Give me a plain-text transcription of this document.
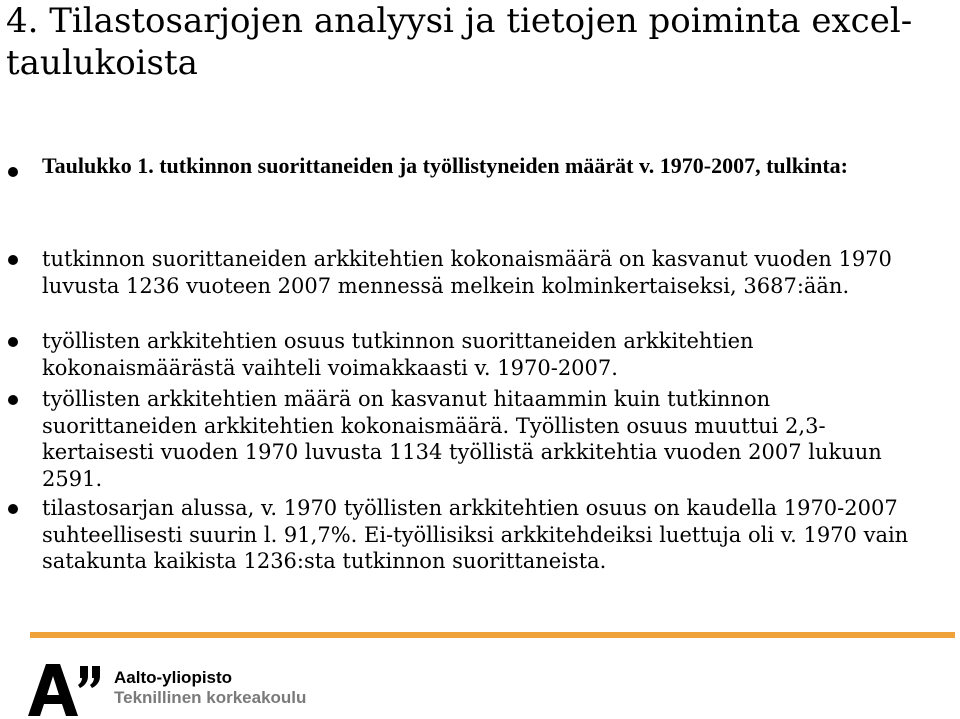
4. Tilastosarjojen analyysi ja tietojen poiminta excel-taulukoista

Taulukko 1. tutkinnon suorittaneiden ja työllistyneiden määrät v. 1970-2007, tulkinta:

tutkinnon suorittaneiden arkkitehtien kokonaismäärä on kasvanut vuoden 1970 luvusta 1236 vuoteen 2007 mennessä melkein kolminkertaiseksi, 3687:ään.

työllisten arkkitehtien osuus tutkinnon suorittaneiden arkkitehtien kokonaismäärästä vaihteli voimakkaasti v. 1970-2007.

työllisten arkkitehtien määrä on kasvanut hitaammin kuin tutkinnon suorittaneiden arkkitehtien kokonaismäärä. Työllisten osuus muuttui 2,3-kertaisesti vuoden 1970 luvusta 1134 työllistä arkkitehtia vuoden 2007 lukuun 2591.

tilastosarjan alussa, v. 1970 työllisten arkkitehtien osuus on kaudella 1970-2007 suhteellisesti suurin l. 91,7%. Ei-työllisiksi arkkitehdeiksi luettuja oli v. 1970 vain satakunta kaikista 1236:sta tutkinnon suorittaneista.

Aalto-yliopisto
Teknillinen korkeakoulu
